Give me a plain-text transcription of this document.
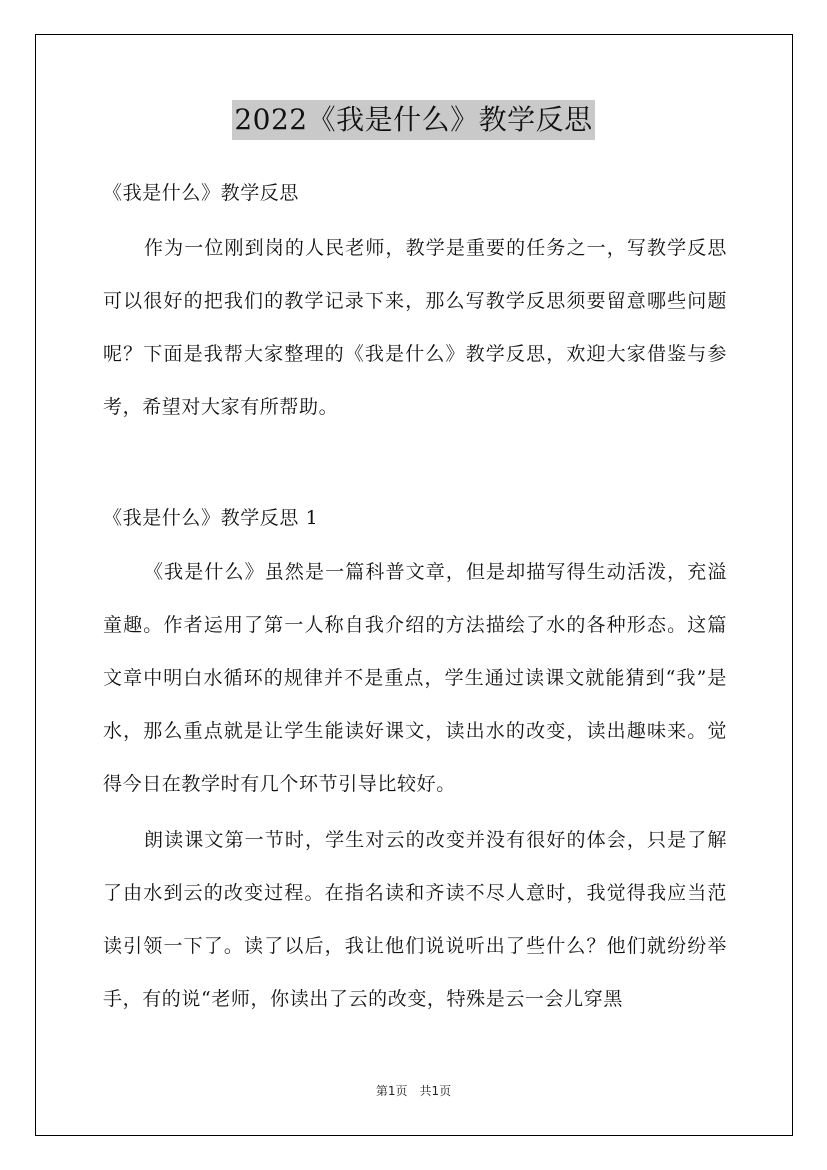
2022《我是什么》教学反思
《我是什么》教学反思
作为一位刚到岗的人民老师，教学是重要的任务之一，写教学反思可以很好的把我们的教学记录下来，那么写教学反思须要留意哪些问题呢？下面是我帮大家整理的《我是什么》教学反思，欢迎大家借鉴与参考，希望对大家有所帮助。
《我是什么》教学反思 1
《我是什么》虽然是一篇科普文章，但是却描写得生动活泼，充溢童趣。作者运用了第一人称自我介绍的方法描绘了水的各种形态。这篇文章中明白水循环的规律并不是重点，学生通过读课文就能猜到“我”是水，那么重点就是让学生能读好课文，读出水的改变，读出趣味来。觉得今日在教学时有几个环节引导比较好。
朗读课文第一节时，学生对云的改变并没有很好的体会，只是了解了由水到云的改变过程。在指名读和齐读不尽人意时，我觉得我应当范读引领一下了。读了以后，我让他们说说听出了些什么？他们就纷纷举手，有的说“老师，你读出了云的改变，特殊是云一会儿穿黑
第1页　共1页
